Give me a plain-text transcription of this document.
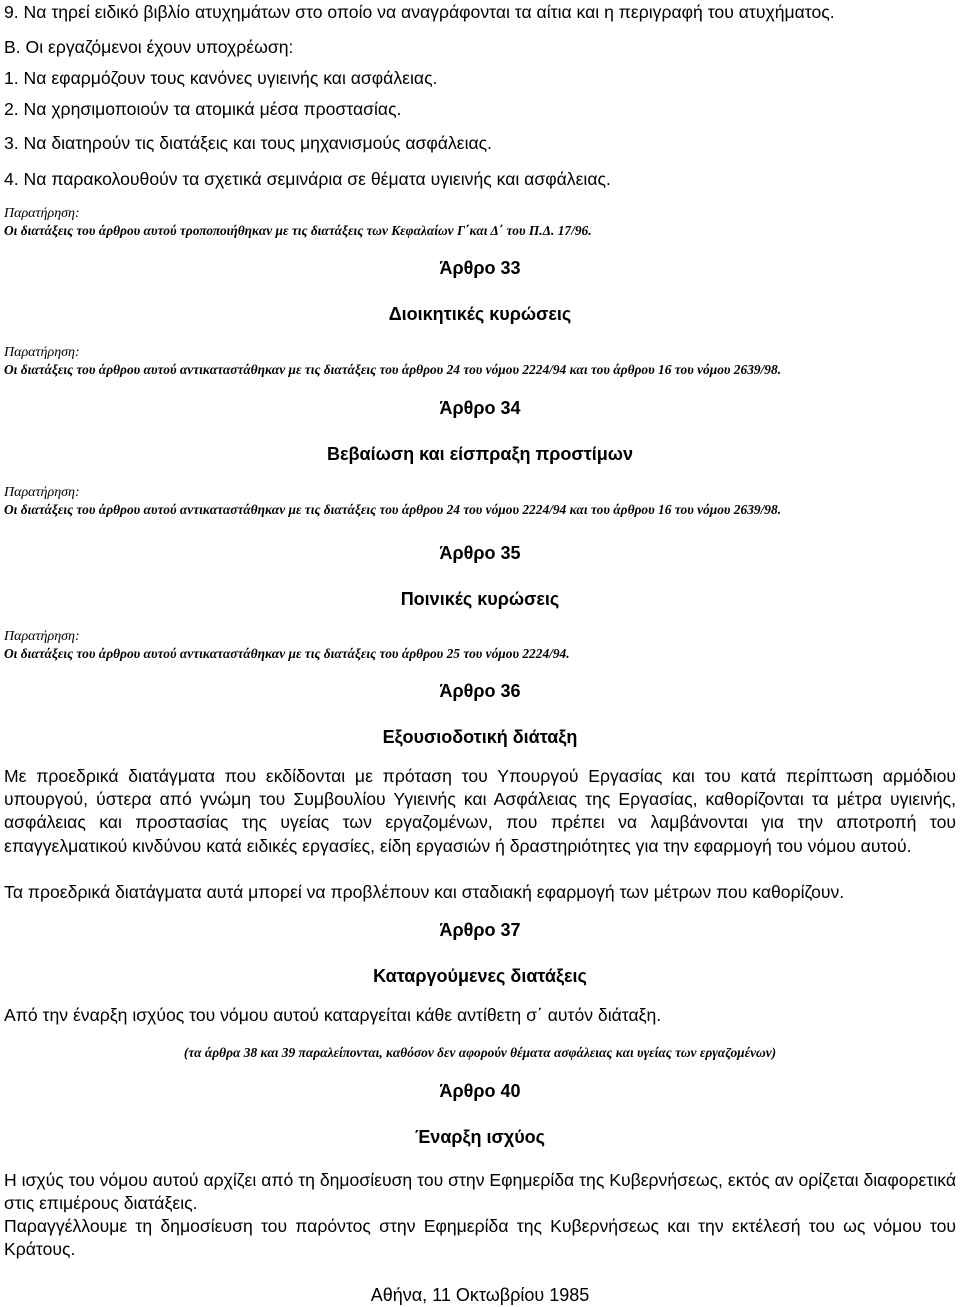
9. Να τηρεί ειδικό βιβλίο ατυχημάτων στο οποίο να αναγράφονται τα αίτια και η περιγραφή του ατυχήματος.
Β. Οι εργαζόμενοι έχουν υποχρέωση:
1. Να εφαρμόζουν τους κανόνες υγιεινής και ασφάλειας.
2. Να χρησιμοποιούν τα ατομικά μέσα προστασίας.
3. Να διατηρούν τις διατάξεις και τους μηχανισμούς ασφάλειας.
4. Να παρακολουθούν τα σχετικά σεμινάρια σε θέματα υγιεινής και ασφάλειας.
Παρατήρηση:
Οι διατάξεις του άρθρου αυτού τροποποιήθηκαν με τις διατάξεις των Κεφαλαίων Γ΄και Δ΄ του Π.Δ. 17/96.
Άρθρο 33
Διοικητικές κυρώσεις
Παρατήρηση:
Οι διατάξεις του άρθρου αυτού αντικαταστάθηκαν με τις διατάξεις του άρθρου 24 του νόμου 2224/94 και του άρθρου 16 του νόμου 2639/98.
Άρθρο 34
Βεβαίωση και είσπραξη προστίμων
Παρατήρηση:
Οι διατάξεις του άρθρου αυτού αντικαταστάθηκαν με τις διατάξεις του άρθρου 24 του νόμου 2224/94 και του άρθρου 16 του νόμου 2639/98.
Άρθρο 35
Ποινικές κυρώσεις
Παρατήρηση:
Οι διατάξεις του άρθρου αυτού αντικαταστάθηκαν με τις διατάξεις του άρθρου 25 του νόμου 2224/94.
Άρθρο 36
Εξουσιοδοτική διάταξη
Με προεδρικά διατάγματα που εκδίδονται με πρόταση του Υπουργού Εργασίας και του κατά περίπτωση αρμόδιου υπουργού, ύστερα από γνώμη του Συμβουλίου Υγιεινής και Ασφάλειας της Εργασίας, καθορίζονται τα μέτρα υγιεινής, ασφάλειας και προστασίας της υγείας των εργαζομένων, που πρέπει να λαμβάνονται για την αποτροπή του επαγγελματικού κινδύνου κατά ειδικές εργασίες, είδη εργασιών ή δραστηριότητες για την εφαρμογή του νόμου αυτού.
Τα προεδρικά διατάγματα αυτά μπορεί να προβλέπουν και σταδιακή εφαρμογή των μέτρων που καθορίζουν.
Άρθρο 37
Καταργούμενες διατάξεις
Από την έναρξη ισχύος του νόμου αυτού καταργείται κάθε αντίθετη σ΄ αυτόν διάταξη.
(τα άρθρα 38 και 39 παραλείπονται, καθόσον δεν αφορούν θέματα ασφάλειας και υγείας των εργαζομένων)
Άρθρο 40
Έναρξη ισχύος
Η ισχύς του νόμου αυτού αρχίζει από τη δημοσίευση του στην Εφημερίδα της Κυβερνήσεως, εκτός αν ορίζεται διαφορετικά στις επιμέρους διατάξεις.
Παραγγέλλουμε τη δημοσίευση του παρόντος στην Εφημερίδα της Κυβερνήσεως και την εκτέλεσή του ως νόμου του Κράτους.
Αθήνα, 11 Οκτωβρίου 1985
